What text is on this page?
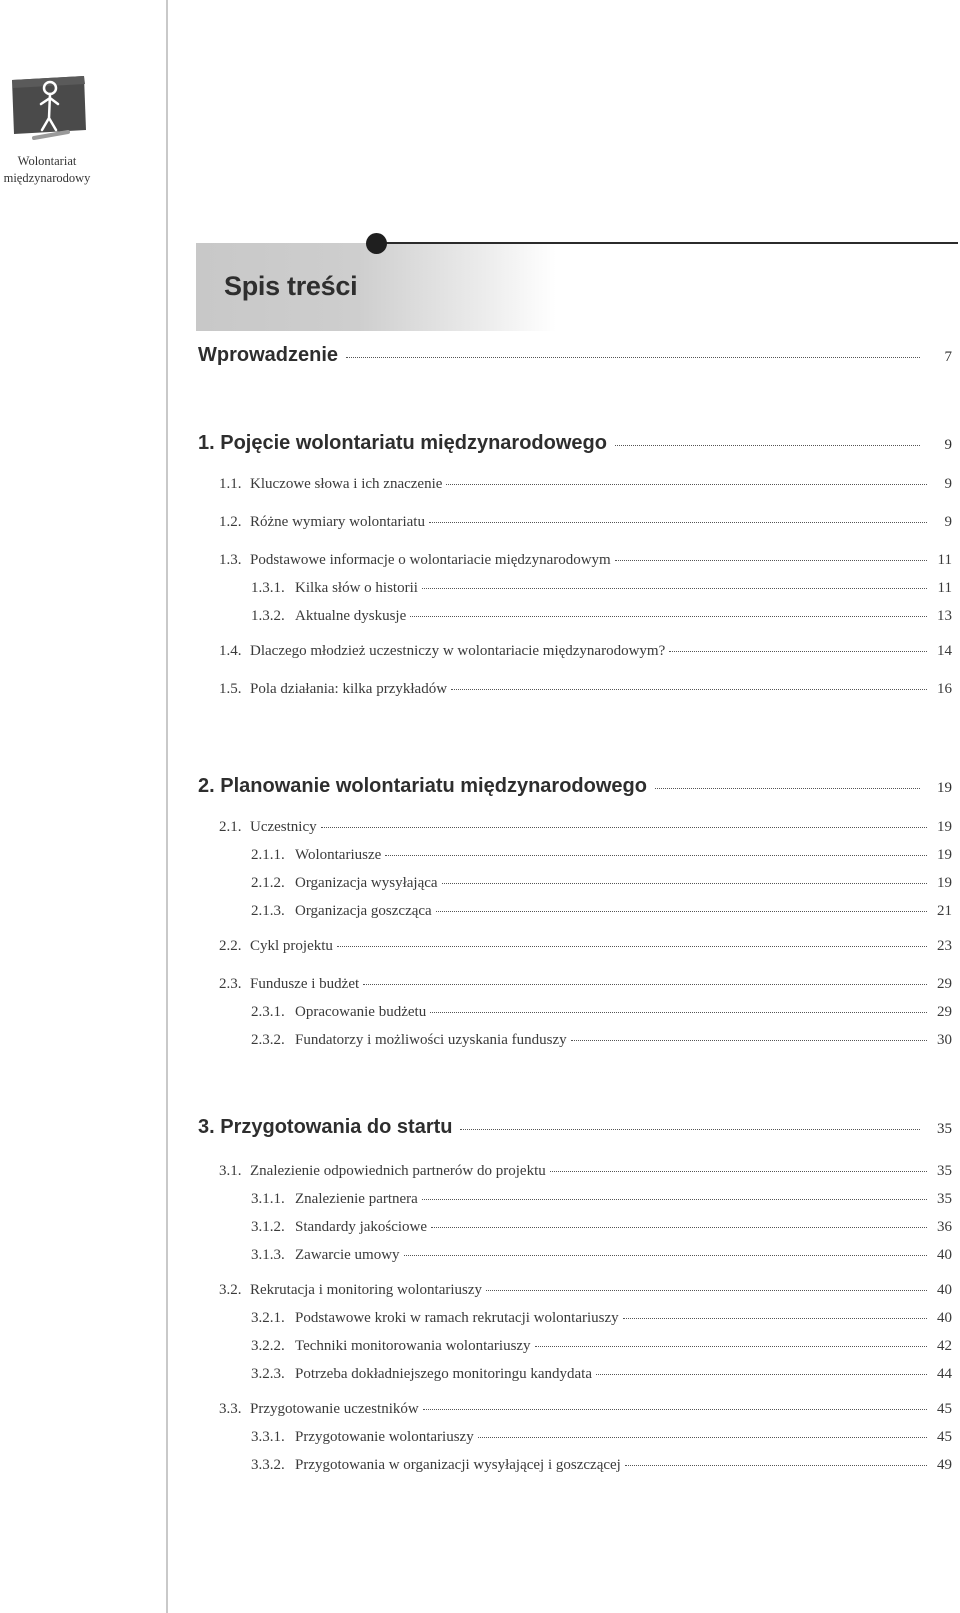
Wolontariat
międzynarodowy
Spis treści
Wprowadzenie	7
1. Pojęcie wolontariatu międzynarodowego	9
1.1. Kluczowe słowa i ich znaczenie	9
1.2. Różne wymiary wolontariatu	9
1.3. Podstawowe informacje o wolontariacie międzynarodowym	11
1.3.1. Kilka słów o historii	11
1.3.2. Aktualne dyskusje	13
1.4. Dlaczego młodzież uczestniczy w wolontariacie międzynarodowym?	14
1.5. Pola działania: kilka przykładów	16
2. Planowanie wolontariatu międzynarodowego	19
2.1. Uczestnicy	19
2.1.1. Wolontariusze	19
2.1.2. Organizacja wysyłająca	19
2.1.3. Organizacja goszcząca	21
2.2. Cykl projektu	23
2.3. Fundusze i budżet	29
2.3.1. Opracowanie budżetu	29
2.3.2. Fundatorzy i możliwości uzyskania funduszy	30
3. Przygotowania do startu	35
3.1. Znalezienie odpowiednich partnerów do projektu	35
3.1.1. Znalezienie partnera	35
3.1.2. Standardy jakościowe	36
3.1.3. Zawarcie umowy	40
3.2. Rekrutacja i monitoring wolontariuszy	40
3.2.1. Podstawowe kroki w ramach rekrutacji wolontariuszy	40
3.2.2. Techniki monitorowania wolontariuszy	42
3.2.3. Potrzeba dokładniejszego monitoringu kandydata	44
3.3. Przygotowanie uczestników	45
3.3.1. Przygotowanie wolontariuszy	45
3.3.2. Przygotowania w organizacji wysyłającej i goszczącej	49
